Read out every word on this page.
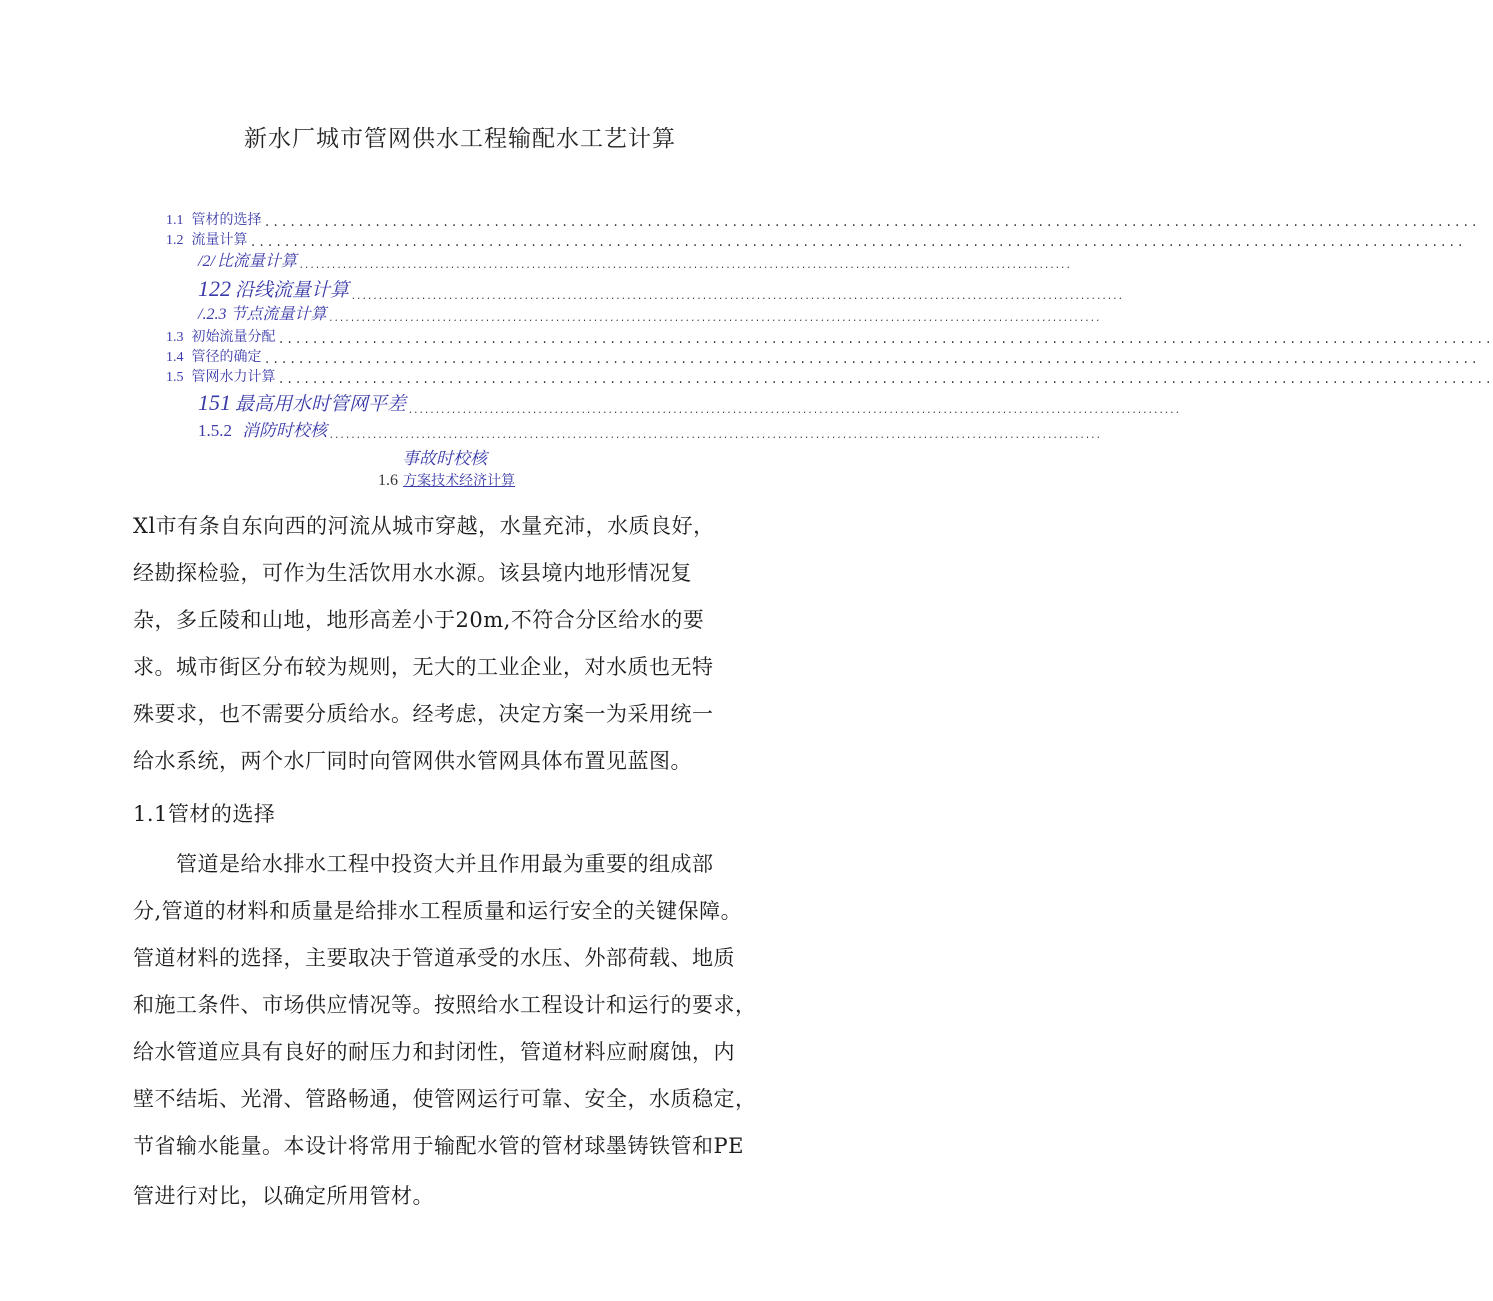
新水厂城市管网供水工程输配水工艺计算
1.1 管材的选择 ...............................................................................................................................................
1.2 流量计算 ...............................................................................................................................................
/2/ 比流量计算 ...............................................................................................................................................
122 沿线流量计算 ...............................................................................................................................................
/.2.3 节点流量计算 ...............................................................................................................................................
1.3 初始流量分配 ...............................................................................................................................................
1.4 管径的确定 ...............................................................................................................................................
1.5 管网水力计算 ...............................................................................................................................................
151 最高用水时管网平差 ...............................................................................................................................................
1.5.2 消防时校核 ...............................................................................................................................................
事故时校核
1.6 方案技术经济计算
Xl市有条自东向西的河流从城市穿越，水量充沛，水质良好，
经勘探检验，可作为生活饮用水水源。该县境内地形情况复
杂，多丘陵和山地，地形高差小于20m,不符合分区给水的要
求。城市街区分布较为规则，无大的工业企业，对水质也无特
殊要求，也不需要分质给水。经考虑，决定方案一为采用统一
给水系统，两个水厂同时向管网供水管网具体布置见蓝图。
1.1管材的选择
　　管道是给水排水工程中投资大并且作用最为重要的组成部
分,管道的材料和质量是给排水工程质量和运行安全的关键保障。
管道材料的选择，主要取决于管道承受的水压、外部荷载、地质
和施工条件、市场供应情况等。按照给水工程设计和运行的要求，
给水管道应具有良好的耐压力和封闭性，管道材料应耐腐蚀，内
壁不结垢、光滑、管路畅通，使管网运行可靠、安全，水质稳定，
节省输水能量。本设计将常用于输配水管的管材球墨铸铁管和PE
管进行对比，以确定所用管材。
